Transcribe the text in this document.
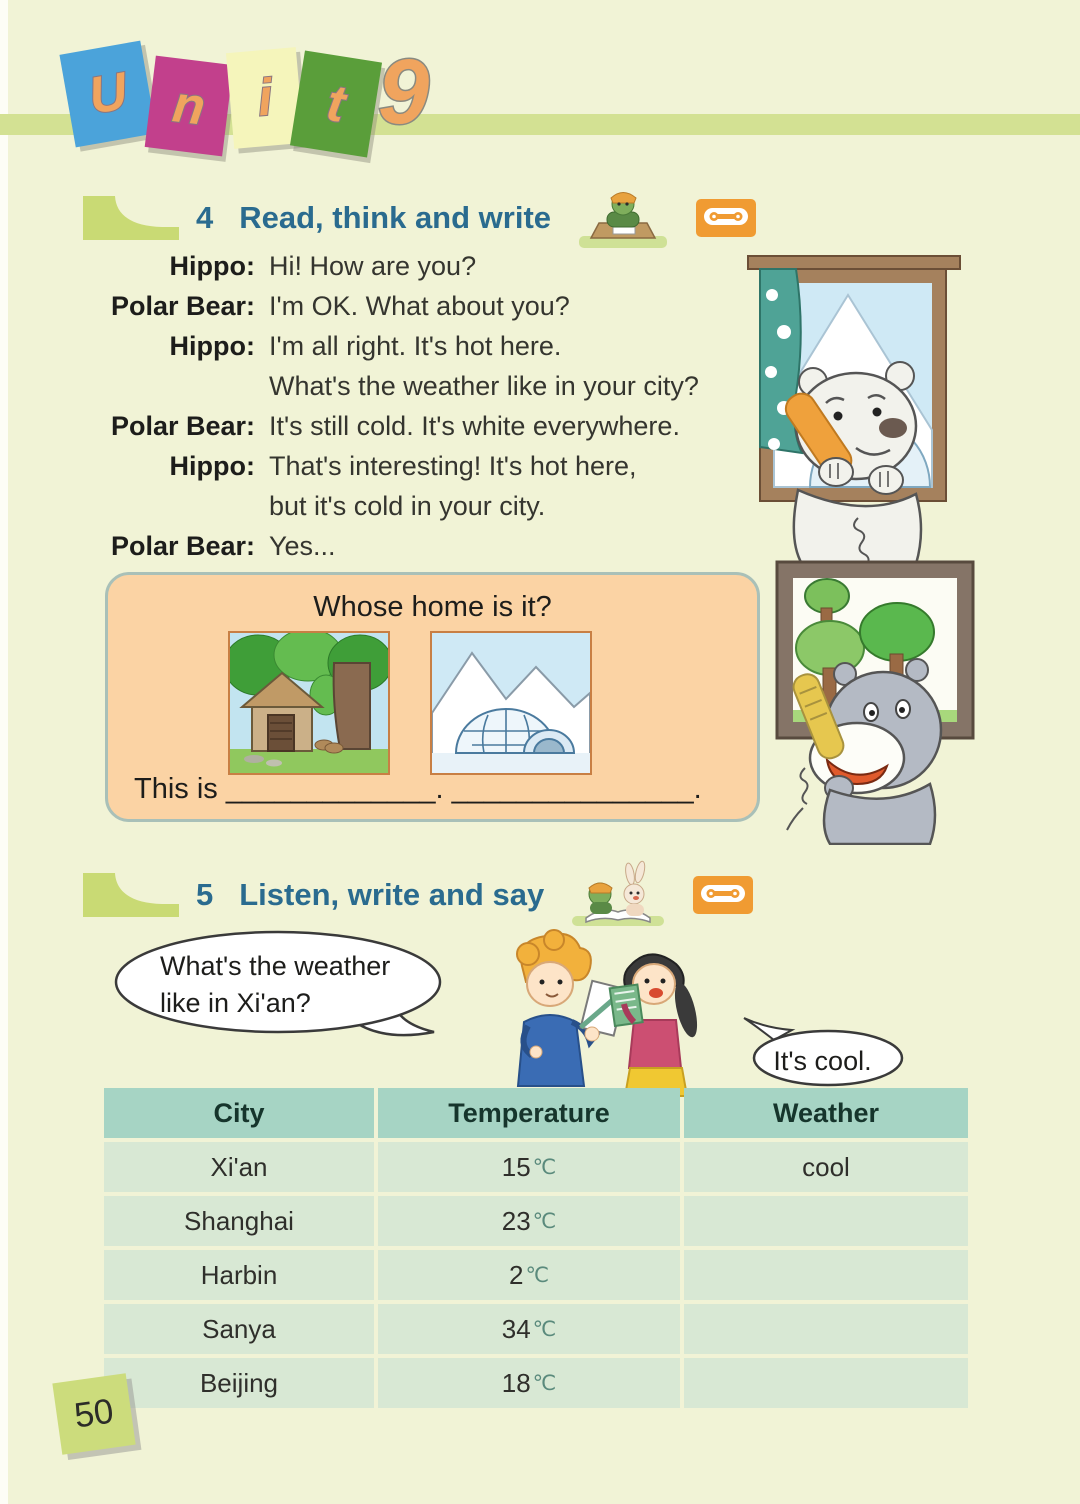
U n i t 9
4 Read, think and write
Hippo: Hi! How are you?
Polar Bear: I'm OK. What about you?
Hippo: I'm all right. It's hot here.
What's the weather like in your city?
Polar Bear: It's still cold. It's white everywhere.
Hippo: That's interesting! It's hot here,
but it's cold in your city.
Polar Bear: Yes...
Whose home is it?
This is _____________. _______________.
5 Listen, write and say
What's the weather
like in Xi'an?
It's cool.
City	Temperature	Weather
Xi'an	15 ℃	cool
Shanghai	23 ℃
Harbin	2 ℃
Sanya	34 ℃
Beijing	18 ℃
50
